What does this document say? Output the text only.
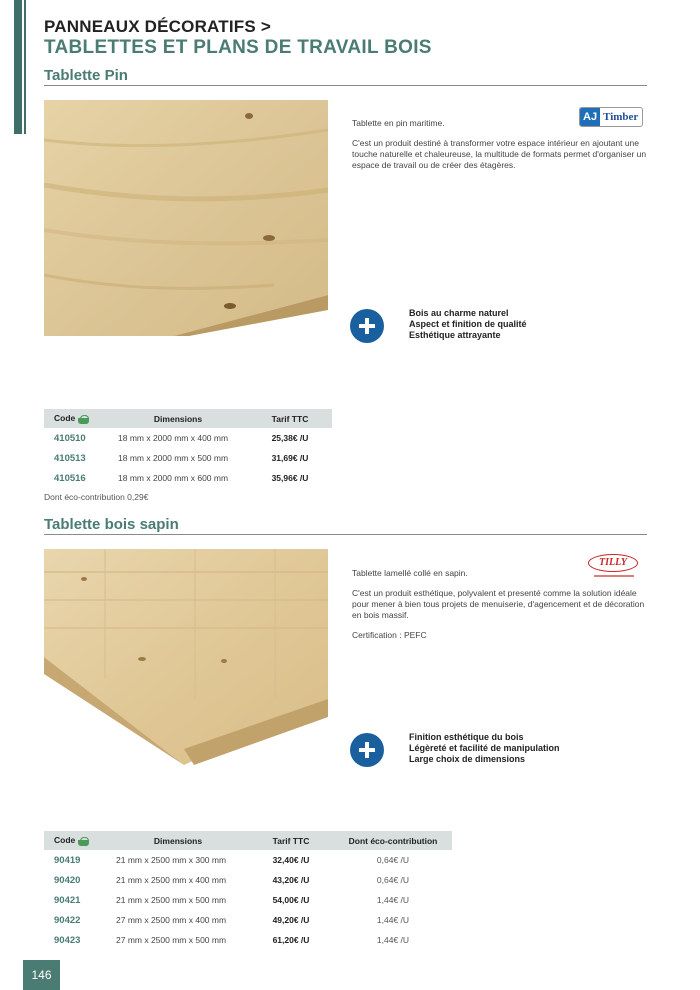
PANNEAUX DÉCORATIFS >
TABLETTES ET PLANS DE TRAVAIL BOIS
Tablette Pin

Tablette en pin maritime.

C'est un produit destiné à transformer votre espace intérieur en ajoutant une touche naturelle et chaleureuse, la multitude de formats permet d'organiser un espace de travail ou de créer des étagères.

AJ Timber
Bois au charme naturel
Aspect et finition de qualité
Esthétique attrayante
Code	Dimensions	Tarif TTC
410510	18 mm x 2000 mm x 400 mm	25,38€ /U
410513	18 mm x 2000 mm x 500 mm	31,69€ /U
410516	18 mm x 2000 mm x 600 mm	35,96€ /U
Dont éco-contribution 0,29€
Tablette bois sapin

Tablette lamellé collé en sapin.

C'est un produit esthétique, polyvalent et presenté comme la solution idéale pour mener à bien tous projets de menuiserie, d'agencement et de décoration en bois massif.

Certification : PEFC

TILLY
Finition esthétique du bois
Légèreté et facilité de manipulation
Large choix de dimensions
Code	Dimensions	Tarif TTC	Dont éco-contribution
90419	21 mm x 2500 mm x 300 mm	32,40€ /U	0,64€ /U
90420	21 mm x 2500 mm x 400 mm	43,20€ /U	0,64€ /U
90421	21 mm x 2500 mm x 500 mm	54,00€ /U	1,44€ /U
90422	27 mm x 2500 mm x 400 mm	49,20€ /U	1,44€ /U
90423	27 mm x 2500 mm x 500 mm	61,20€ /U	1,44€ /U
146
